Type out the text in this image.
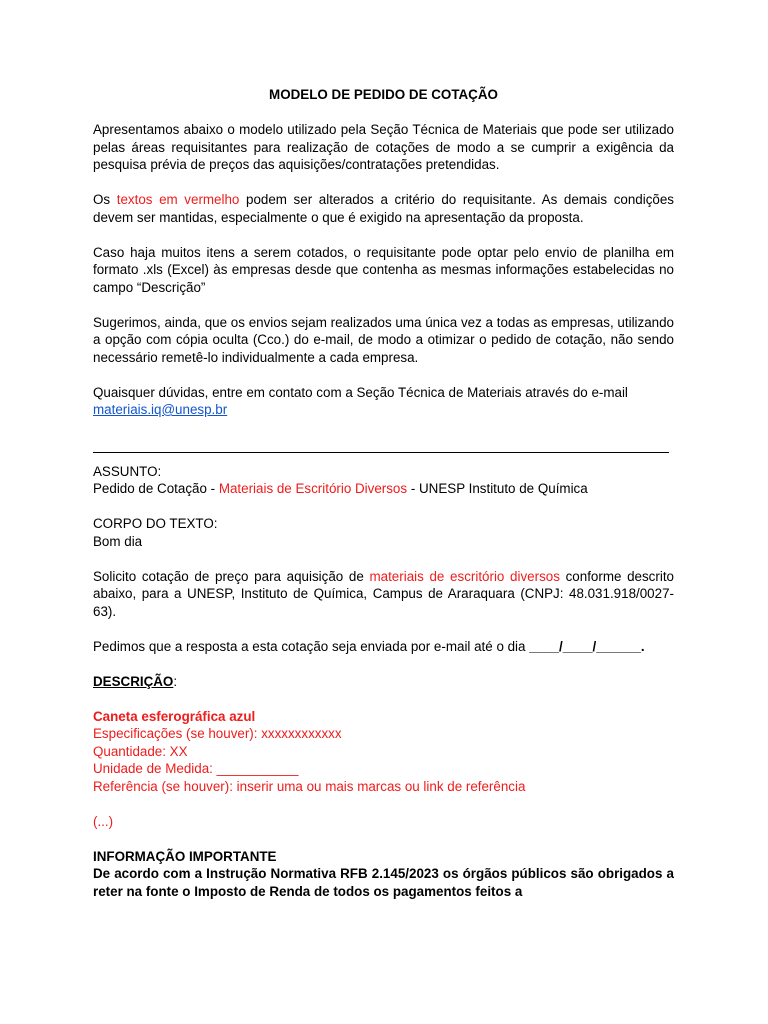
MODELO DE PEDIDO DE COTAÇÃO

Apresentamos abaixo o modelo utilizado pela Seção Técnica de Materiais que pode ser utilizado pelas áreas requisitantes para realização de cotações de modo a se cumprir a exigência da pesquisa prévia de preços das aquisições/contratações pretendidas.

Os textos em vermelho podem ser alterados a critério do requisitante. As demais condições devem ser mantidas, especialmente o que é exigido na apresentação da proposta.

Caso haja muitos itens a serem cotados, o requisitante pode optar pelo envio de planilha em formato .xls (Excel) às empresas desde que contenha as mesmas informações estabelecidas no campo “Descrição”

Sugerimos, ainda, que os envios sejam realizados uma única vez a todas as empresas, utilizando a opção com cópia oculta (Cco.) do e-mail, de modo a otimizar o pedido de cotação, não sendo necessário remetê-lo individualmente a cada empresa.

Quaisquer dúvidas, entre em contato com a Seção Técnica de Materiais através do e-mail
materiais.iq@unesp.br

ASSUNTO:

Pedido de Cotação - Materiais de Escritório Diversos - UNESP Instituto de Química

CORPO DO TEXTO:

Bom dia

Solicito cotação de preço para aquisição de materiais de escritório diversos conforme descrito abaixo, para a UNESP, Instituto de Química, Campus de Araraquara (CNPJ: 48.031.918/0027-63).

Pedimos que a resposta a esta cotação seja enviada por e-mail até o dia ____/____/______.

DESCRIÇÃO:

Caneta esferográfica azul

Especificações (se houver): xxxxxxxxxxxx

Quantidade: XX

Unidade de Medida: ___________

Referência (se houver): inserir uma ou mais marcas ou link de referência

(...)

INFORMAÇÃO IMPORTANTE

De acordo com a Instrução Normativa RFB 2.145/2023 os órgãos públicos são obrigados a reter na fonte o Imposto de Renda de todos os pagamentos feitos a
